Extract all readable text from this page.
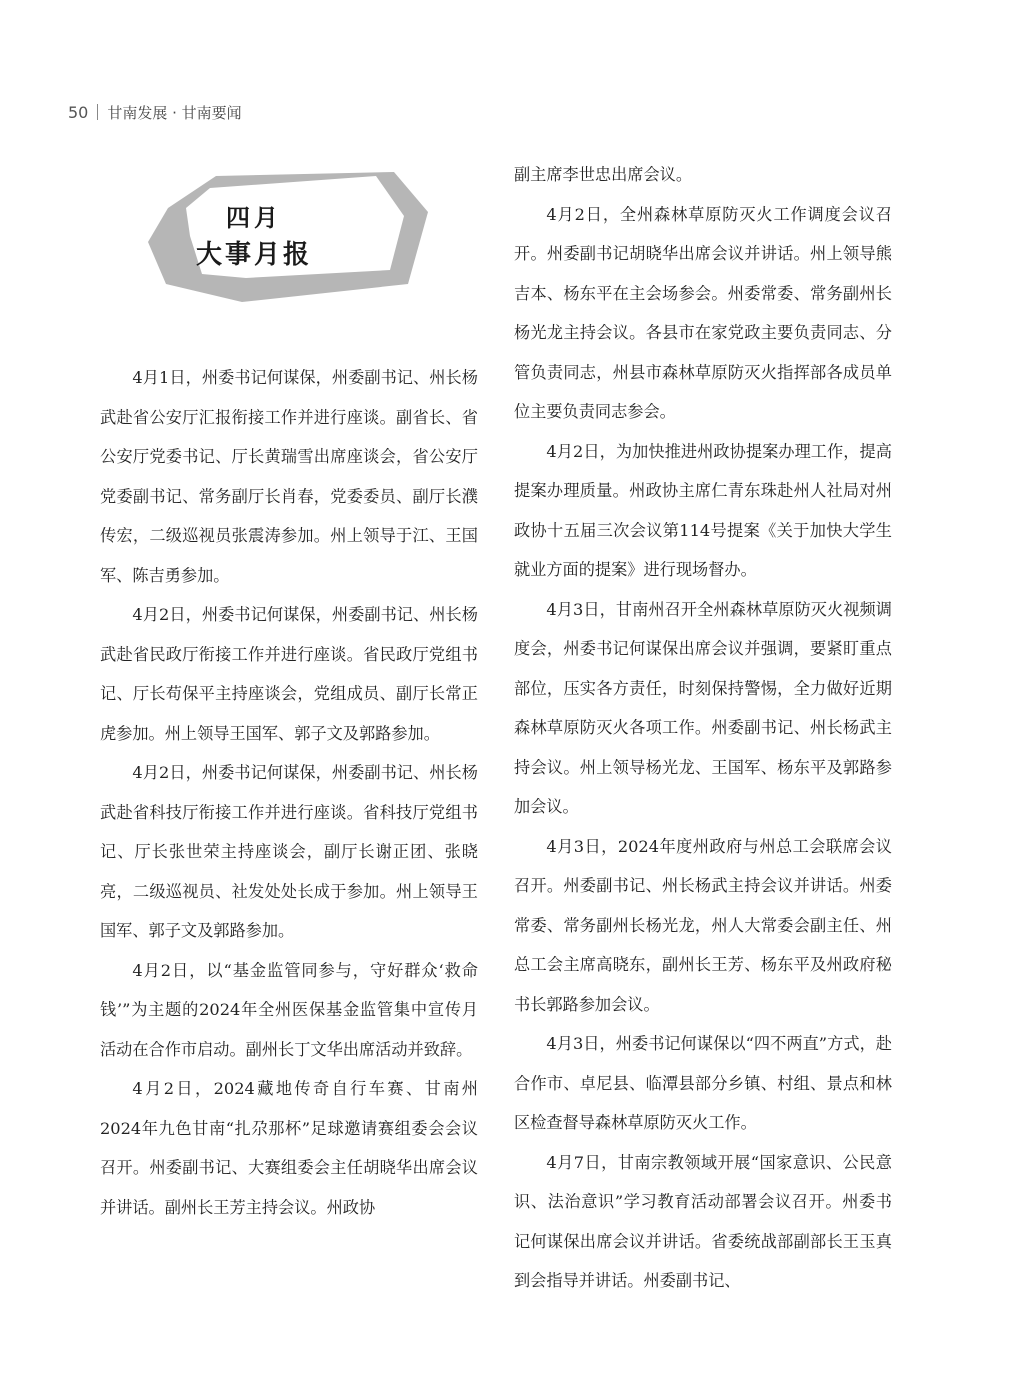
50 甘南发展 · 甘南要闻
四月
大事月报

4月1日，州委书记何谋保，州委副书记、州长杨武赴省公安厅汇报衔接工作并进行座谈。副省长、省公安厅党委书记、厅长黄瑞雪出席座谈会，省公安厅党委副书记、常务副厅长肖春，党委委员、副厅长濮传宏，二级巡视员张震涛参加。州上领导于江、王国军、陈吉勇参加。

4月2日，州委书记何谋保，州委副书记、州长杨武赴省民政厅衔接工作并进行座谈。省民政厅党组书记、厅长苟保平主持座谈会，党组成员、副厅长常正虎参加。州上领导王国军、郭子文及郭路参加。

4月2日，州委书记何谋保，州委副书记、州长杨武赴省科技厅衔接工作并进行座谈。省科技厅党组书记、厅长张世荣主持座谈会，副厅长谢正团、张晓亮，二级巡视员、社发处处长成于参加。州上领导王国军、郭子文及郭路参加。

4月2日，以“基金监管同参与，守好群众‘救命钱’”为主题的2024年全州医保基金监管集中宣传月活动在合作市启动。副州长丁文华出席活动并致辞。

4月2日，2024藏地传奇自行车赛、甘南州2024年九色甘南“扎尕那杯”足球邀请赛组委会会议召开。州委副书记、大赛组委会主任胡晓华出席会议并讲话。副州长王芳主持会议。州政协

副主席李世忠出席会议。

4月2日，全州森林草原防灭火工作调度会议召开。州委副书记胡晓华出席会议并讲话。州上领导熊吉本、杨东平在主会场参会。州委常委、常务副州长杨光龙主持会议。各县市在家党政主要负责同志、分管负责同志，州县市森林草原防灭火指挥部各成员单位主要负责同志参会。

4月2日，为加快推进州政协提案办理工作，提高提案办理质量。州政协主席仁青东珠赴州人社局对州政协十五届三次会议第114号提案《关于加快大学生就业方面的提案》进行现场督办。

4月3日，甘南州召开全州森林草原防灭火视频调度会，州委书记何谋保出席会议并强调，要紧盯重点部位，压实各方责任，时刻保持警惕，全力做好近期森林草原防灭火各项工作。州委副书记、州长杨武主持会议。州上领导杨光龙、王国军、杨东平及郭路参加会议。

4月3日，2024年度州政府与州总工会联席会议召开。州委副书记、州长杨武主持会议并讲话。州委常委、常务副州长杨光龙，州人大常委会副主任、州总工会主席高晓东，副州长王芳、杨东平及州政府秘书长郭路参加会议。

4月3日，州委书记何谋保以“四不两直”方式，赴合作市、卓尼县、临潭县部分乡镇、村组、景点和林区检查督导森林草原防灭火工作。

4月7日，甘南宗教领域开展“国家意识、公民意识、法治意识”学习教育活动部署会议召开。州委书记何谋保出席会议并讲话。省委统战部副部长王玉真到会指导并讲话。州委副书记、
